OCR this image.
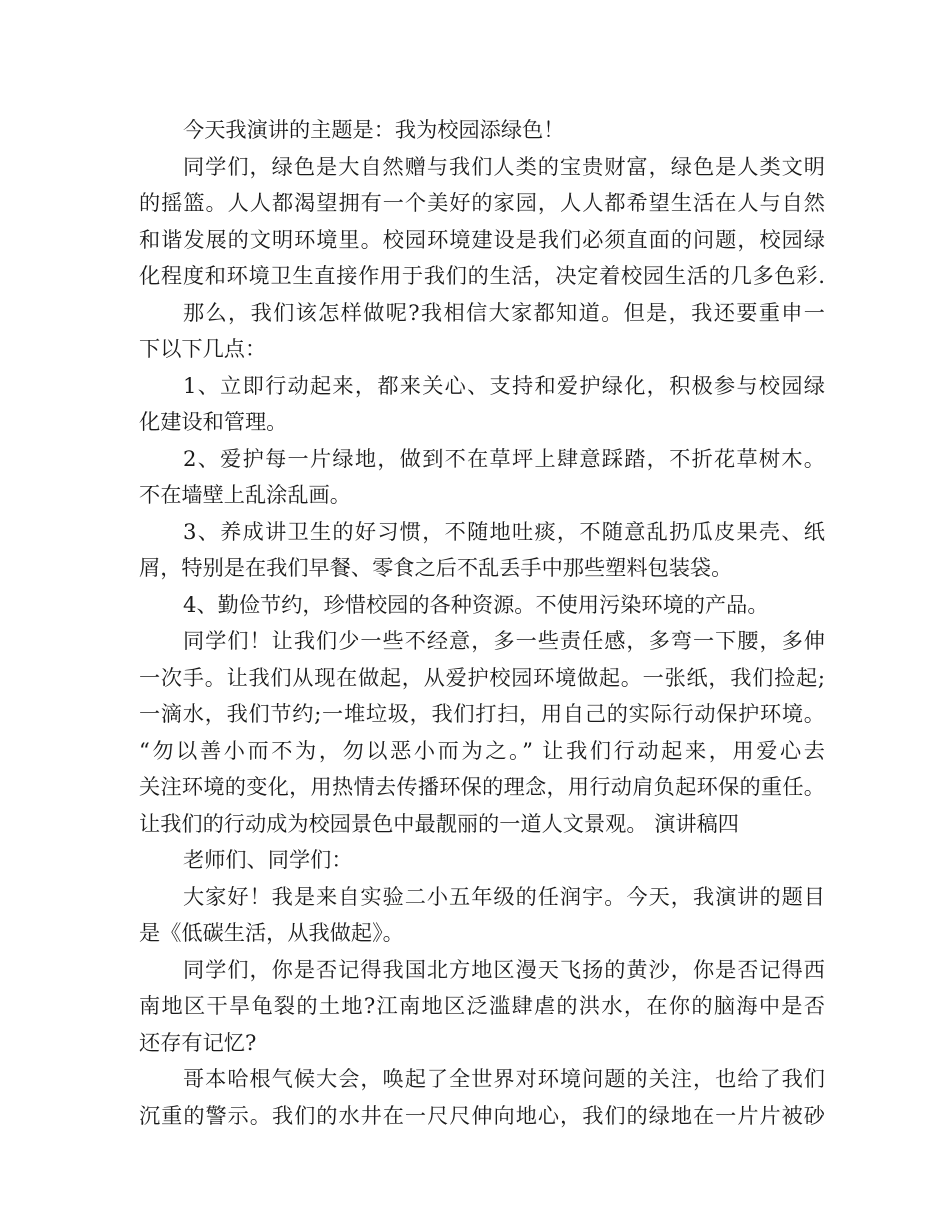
今天我演讲的主题是：我为校园添绿色！
同学们，绿色是大自然赠与我们人类的宝贵财富，绿色是人类文明
的摇篮。人人都渴望拥有一个美好的家园，人人都希望生活在人与自然
和谐发展的文明环境里。校园环境建设是我们必须直面的问题，校园绿
化程度和环境卫生直接作用于我们的生活，决定着校园生活的几多色彩.
那么，我们该怎样做呢?我相信大家都知道。但是，我还要重申一
下以下几点：
1、立即行动起来，都来关心、支持和爱护绿化，积极参与校园绿
化建设和管理。
2、爱护每一片绿地，做到不在草坪上肆意踩踏，不折花草树木。
不在墙壁上乱涂乱画。
3、养成讲卫生的好习惯，不随地吐痰，不随意乱扔瓜皮果壳、纸
屑，特别是在我们早餐、零食之后不乱丢手中那些塑料包装袋。
4、勤俭节约，珍惜校园的各种资源。不使用污染环境的产品。
同学们！让我们少一些不经意，多一些责任感，多弯一下腰，多伸
一次手。让我们从现在做起，从爱护校园环境做起。一张纸，我们捡起;
一滴水，我们节约;一堆垃圾，我们打扫，用自己的实际行动保护环境。
“勿以善小而不为，勿以恶小而为之。” 让我们行动起来，用爱心去
关注环境的变化，用热情去传播环保的理念，用行动肩负起环保的重任。
让我们的行动成为校园景色中最靓丽的一道人文景观。 演讲稿四
老师们、同学们：
大家好！我是来自实验二小五年级的任润宇。今天，我演讲的题目
是《低碳生活，从我做起》。
同学们，你是否记得我国北方地区漫天飞扬的黄沙，你是否记得西
南地区干旱龟裂的土地?江南地区泛滥肆虐的洪水，在你的脑海中是否
还存有记忆?
哥本哈根气候大会，唤起了全世界对环境问题的关注，也给了我们
沉重的警示。我们的水井在一尺尺伸向地心，我们的绿地在一片片被砂
